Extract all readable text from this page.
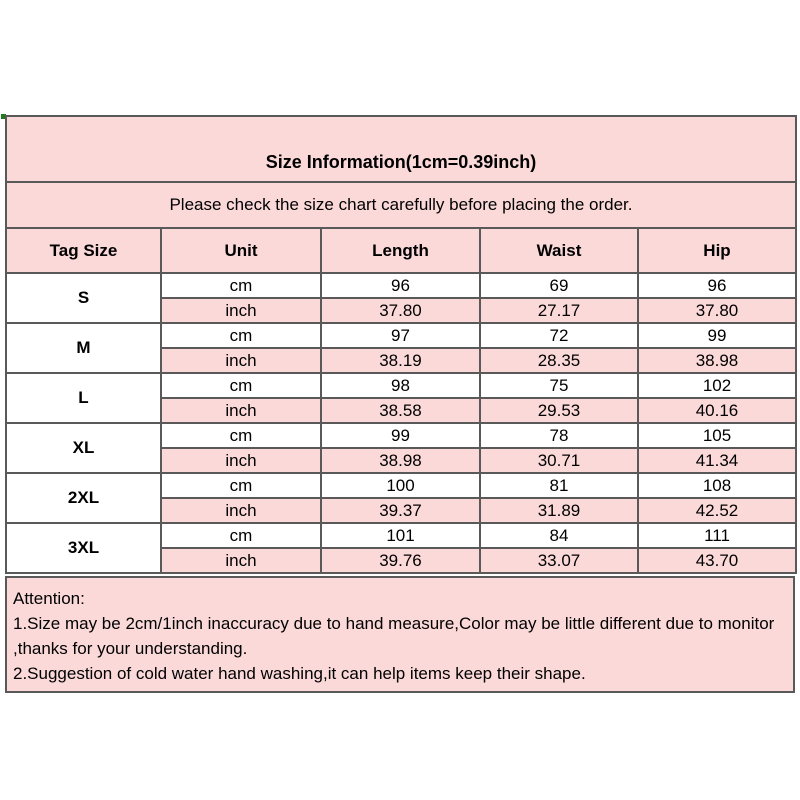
Size Information(1cm=0.39inch)				
Please check the size chart carefully before placing the order.				
Tag Size	Unit	Length	Waist	Hip
S	cm	96	69	96
	inch	37.80	27.17	37.80
M	cm	97	72	99
	inch	38.19	28.35	38.98
L	cm	98	75	102
	inch	38.58	29.53	40.16
XL	cm	99	78	105
	inch	38.98	30.71	41.34
2XL	cm	100	81	108
	inch	39.37	31.89	42.52
3XL	cm	101	84	111
	inch	39.76	33.07	43.70
Attention:
1.Size may be 2cm/1inch inaccuracy due to hand measure,Color may be little different due to monitor
,thanks for your understanding.
2.Suggestion of cold water hand washing,it can help items keep their shape.
